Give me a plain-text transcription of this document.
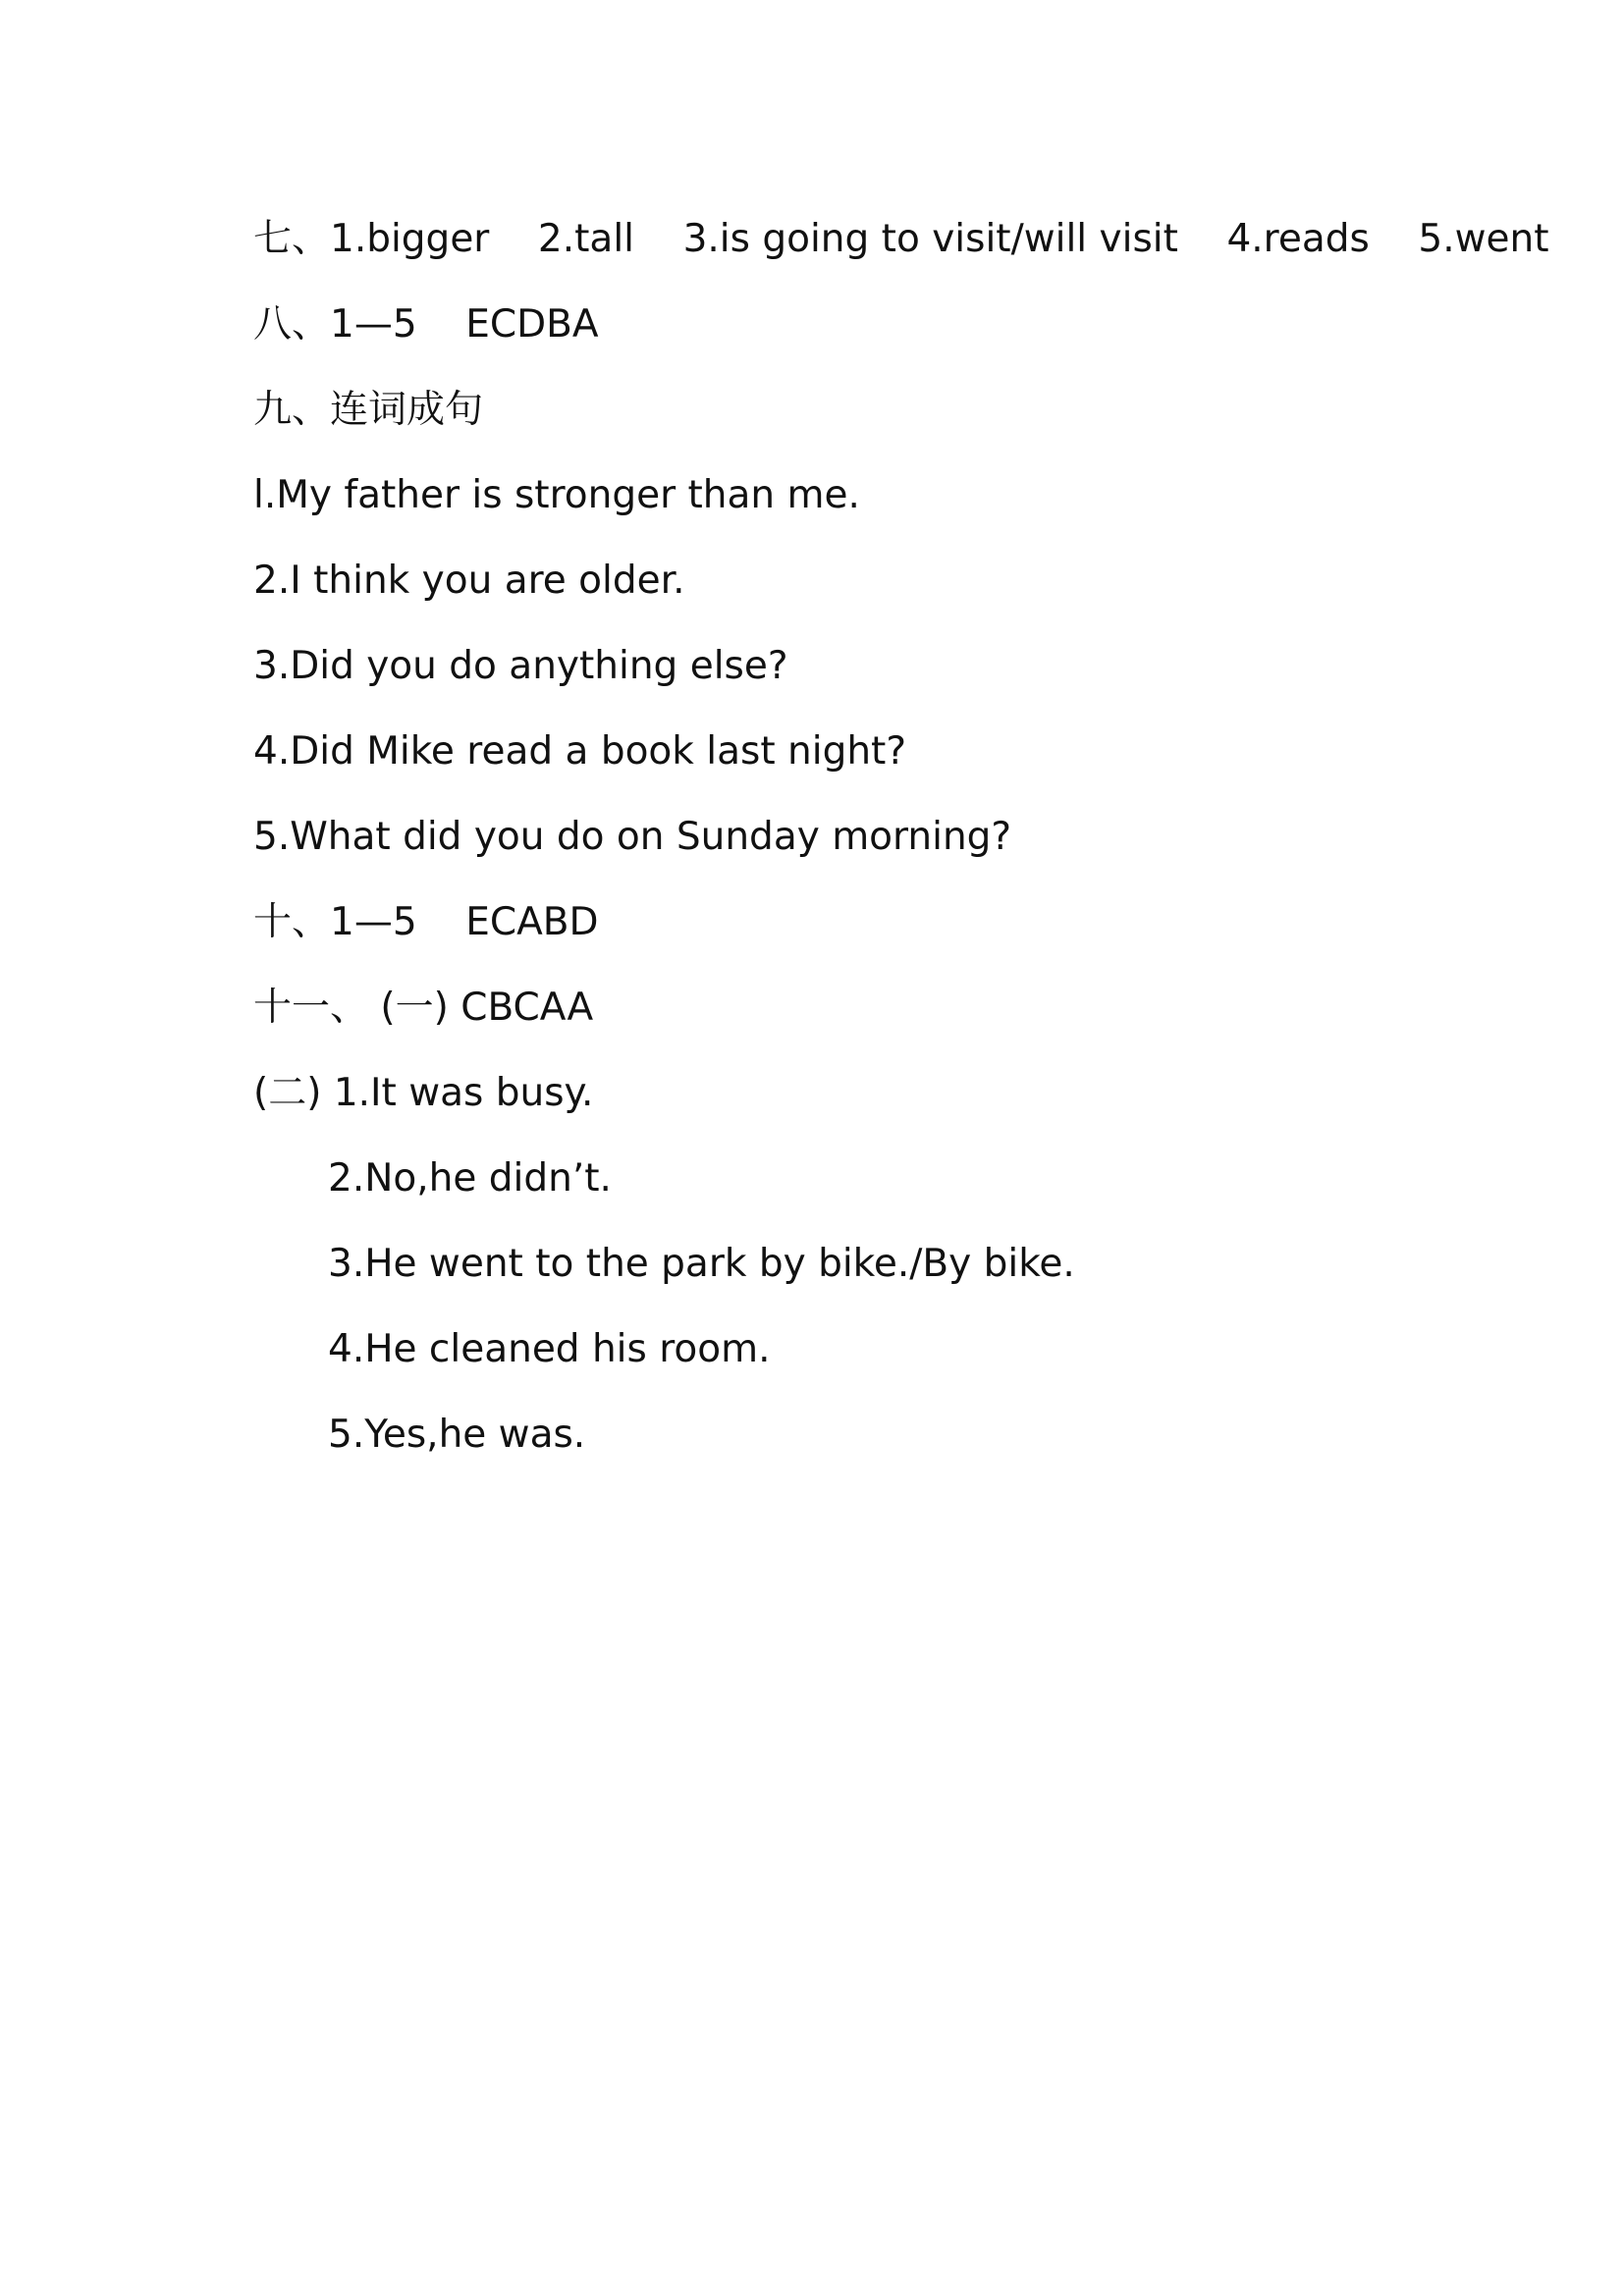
七、1.bigger    2.tall    3.is going to visit/will visit    4.reads    5.went
八、1—5    ECDBA
九、连词成句
l.My father is stronger than me.
2.I think you are older.
3.Did you do anything else?
4.Did Mike read a book last night?
5.What did you do on Sunday morning?
十、1—5    ECABD
十一、 (一) CBCAA
(二) 1.It was busy.
2.No,he didn’t.
3.He went to the park by bike./By bike.
4.He cleaned his room.
5.Yes,he was.
